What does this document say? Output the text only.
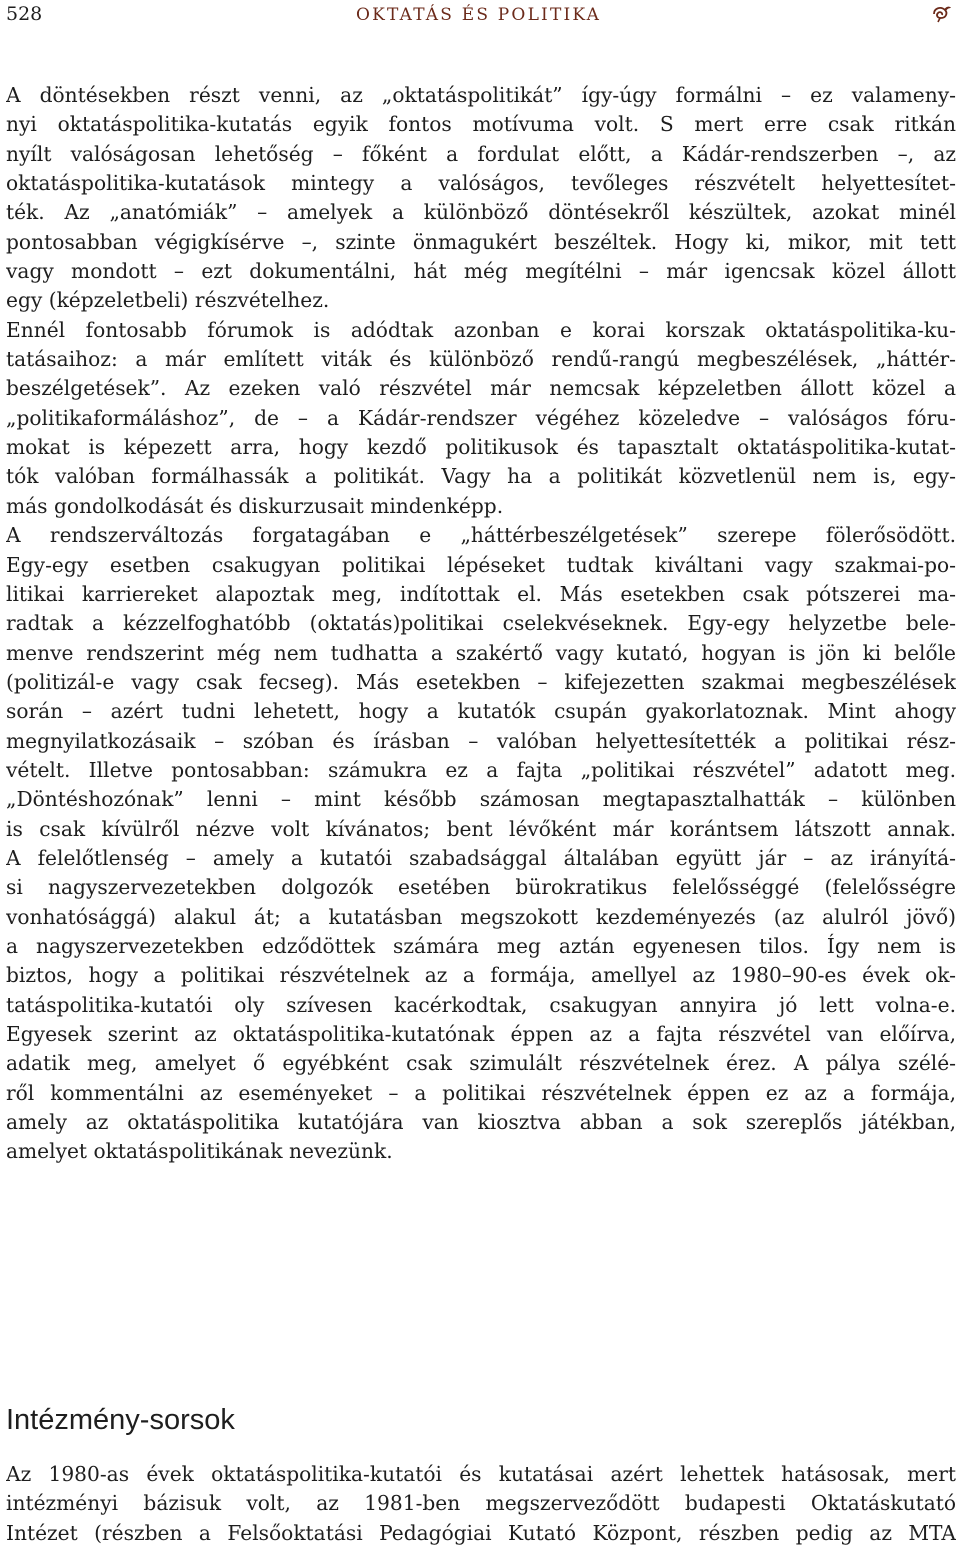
528	OKTATÁS ÉS POLITIKA
A döntésekben részt venni, az „oktatáspolitikát” így-úgy formálni – ez valameny-
nyi oktatáspolitika-kutatás egyik fontos motívuma volt. S mert erre csak ritkán
nyílt valóságosan lehetőség – főként a fordulat előtt, a Kádár-rendszerben –, az
oktatáspolitika-kutatások mintegy a valóságos, tevőleges részvételt helyettesítet-
ték. Az „anatómiák” – amelyek a különböző döntésekről készültek, azokat minél
pontosabban végigkísérve –, szinte önmagukért beszéltek. Hogy ki, mikor, mit tett
vagy mondott – ezt dokumentálni, hát még megítélni – már igencsak közel állott
egy (képzeletbeli) részvételhez.
Ennél fontosabb fórumok is adódtak azonban e korai korszak oktatáspolitika-ku-
tatásaihoz: a már említett viták és különböző rendű-rangú megbeszélések, „háttér-
beszélgetések”. Az ezeken való részvétel már nemcsak képzeletben állott közel a
„politikaformáláshoz”, de – a Kádár-rendszer végéhez közeledve – valóságos fóru-
mokat is képezett arra, hogy kezdő politikusok és tapasztalt oktatáspolitika-kutat-
tók valóban formálhassák a politikát. Vagy ha a politikát közvetlenül nem is, egy-
más gondolkodását és diskurzusait mindenképp.
A rendszerváltozás forgatagában e „háttérbeszélgetések” szerepe fölerősödött.
Egy-egy esetben csakugyan politikai lépéseket tudtak kiváltani vagy szakmai-po-
litikai karriereket alapoztak meg, indítottak el. Más esetekben csak pótszerei ma-
radtak a kézzelfoghatóbb (oktatás)politikai cselekvéseknek. Egy-egy helyzetbe bele-
menve rendszerint még nem tudhatta a szakértő vagy kutató, hogyan is jön ki belőle
(politizál-e vagy csak fecseg). Más esetekben – kifejezetten szakmai megbeszélések
során – azért tudni lehetett, hogy a kutatók csupán gyakorlatoznak. Mint ahogy
megnyilatkozásaik – szóban és írásban – valóban helyettesítették a politikai rész-
vételt. Illetve pontosabban: számukra ez a fajta „politikai részvétel” adatott meg.
„Döntéshozónak” lenni – mint később számosan megtapasztalhatták – különben
is csak kívülről nézve volt kívánatos; bent lévőként már korántsem látszott annak.
A felelőtlenség – amely a kutatói szabadsággal általában együtt jár – az irányítá-
si nagyszervezetekben dolgozók esetében bürokratikus felelősséggé (felelősségre
vonhatósággá) alakul át; a kutatásban megszokott kezdeményezés (az alulról jövő)
a nagyszervezetekben edződöttek számára meg aztán egyenesen tilos. Így nem is
biztos, hogy a politikai részvételnek az a formája, amellyel az 1980–90-es évek ok-
tatáspolitika-kutatói oly szívesen kacérkodtak, csakugyan annyira jó lett volna-e.
Egyesek szerint az oktatáspolitika-kutatónak éppen az a fajta részvétel van előírva,
adatik meg, amelyet ő egyébként csak szimulált részvételnek érez. A pálya szélé-
ről kommentálni az eseményeket – a politikai részvételnek éppen ez az a formája,
amely az oktatáspolitika kutatójára van kiosztva abban a sok szereplős játékban,
amelyet oktatáspolitikának nevezünk.
Intézmény-sorsok
Az 1980-as évek oktatáspolitika-kutatói és kutatásai azért lehettek hatásosak, mert
intézményi bázisuk volt, az 1981-ben megszerveződött budapesti Oktatáskutató
Intézet (részben a Felsőoktatási Pedagógiai Kutató Központ, részben pedig az MTA
